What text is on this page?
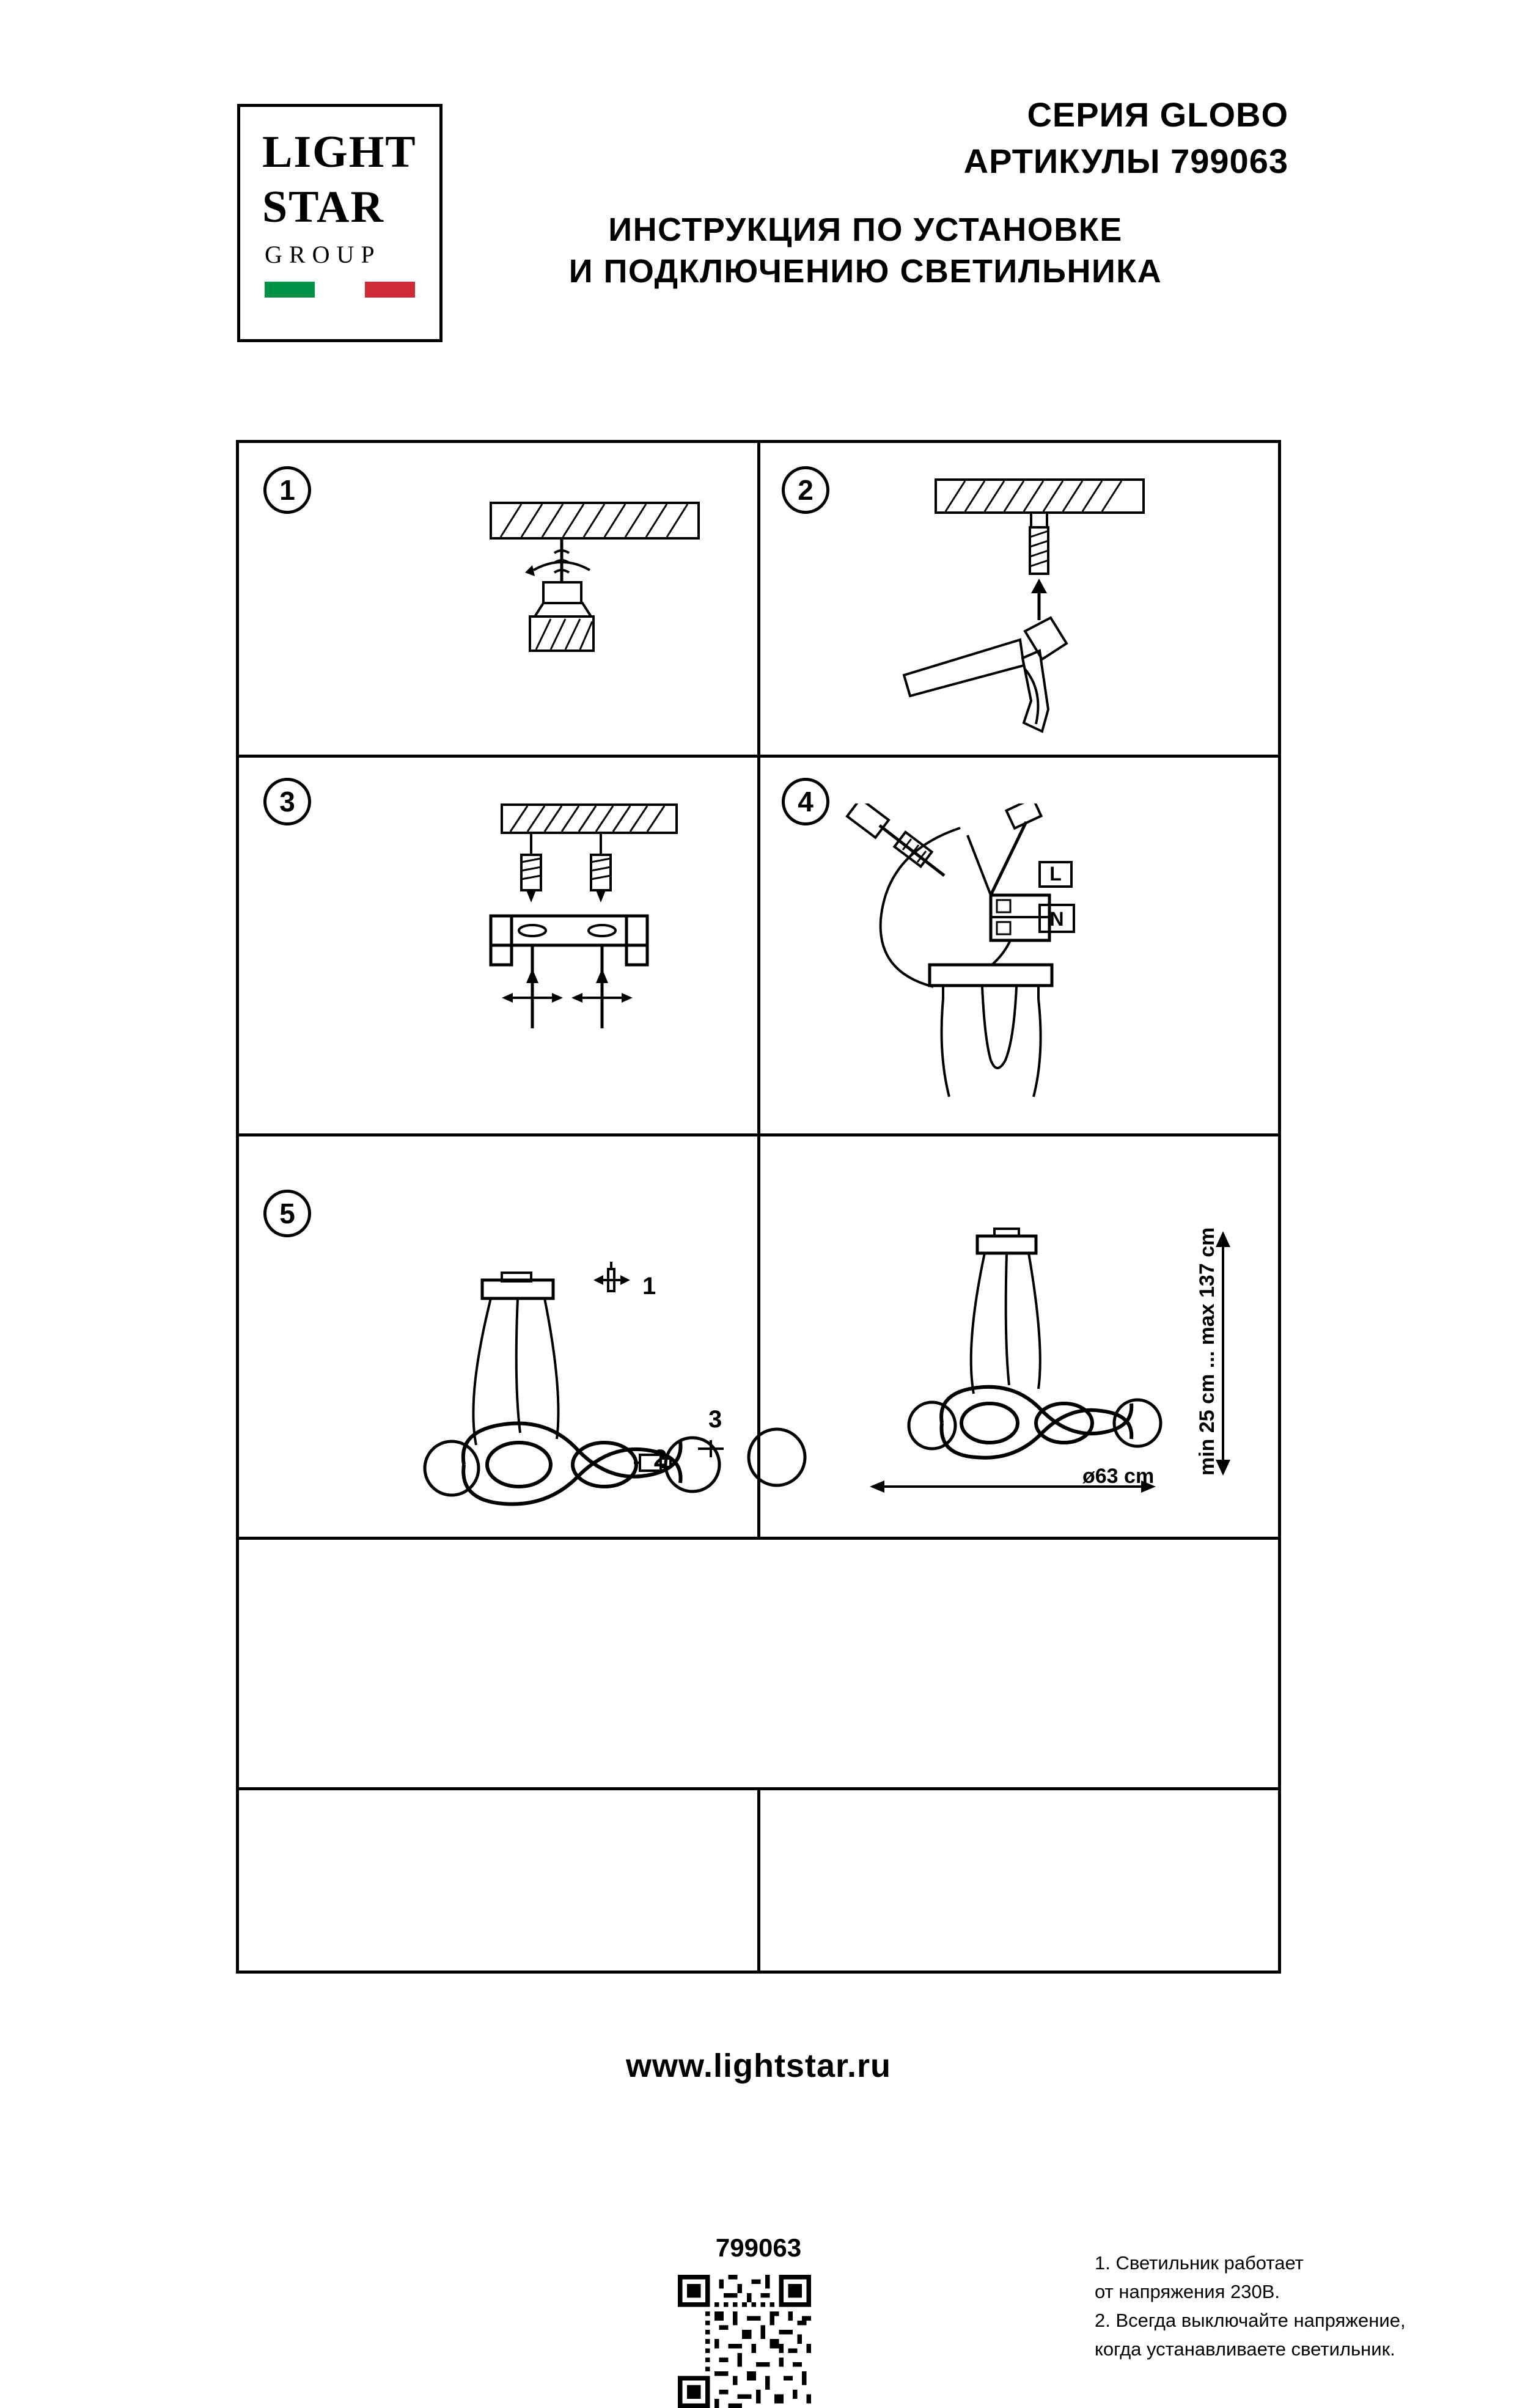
LIGHT
STAR
GROUP
СЕРИЯ GLOBO
АРТИКУЛЫ 799063
ИНСТРУКЦИЯ ПО УСТАНОВКЕ
И ПОДКЛЮЧЕНИЮ СВЕТИЛЬНИКА
1	2
3	4
L
N
5
1
2
3
ø63 cm
min 25 cm ... max 137 cm
799063
1. Светильник работает
от напряжения 230В.
2. Всегда выключайте напряжение,
когда устанавливаете светильник.
www.lightstar.ru
